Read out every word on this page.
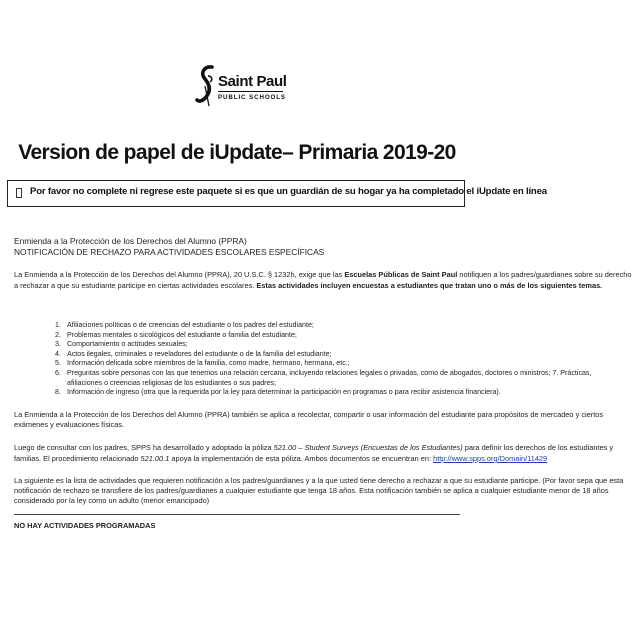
Saint Paul
PUBLIC SCHOOLS
Version de papel de iUpdate– Primaria 2019-20
Por favor no complete ni regrese este paquete si es que un guardián de su hogar ya ha completado el iUpdate en línea
Enmienda a la Protección de los Derechos del Alumno (PPRA)
NOTIFICACIÓN DE RECHAZO PARA ACTIVIDADES ESCOLARES ESPECÍFICAS
La Enmienda a la Protección de los Derechos del Alumno (PPRA), 20 U.S.C. § 1232h, exige que las Escuelas Públicas de Saint Paul notifiquen a los padres/guardianes sobre su derecho
a rechazar a que su estudiante participe en ciertas actividades escolares. Estas actividades incluyen encuestas a estudiantes que tratan uno o más de los siguientes temas.
1. Afiliaciones políticas o de creencias del estudiante o los padres del estudiante;
2. Problemas mentales o sicológicos del estudiante o familia del estudiante;
3. Comportamiento o actitudes sexuales;
4. Actos ilegales, criminales o reveladores del estudiante o de la familia del estudiante;
5. Información delicada sobre miembros de la familia, como madre, hermano, hermana, etc.;
6. Preguntas sobre personas con las que tenemos una relación cercana, incluyendo relaciones legales o privadas, como de abogados, doctores o ministros; 7. Prácticas,
afiliaciones o creencias religiosas de los estudiantes o sus padres;
8. Información de ingreso (otra que la requerida por la ley para determinar la participación en programas o para recibir asistencia financiera).
La Enmienda a la Protección de los Derechos del Alumno (PPRA) también se aplica a recolectar, compartir o usar información del estudiante para propósitos de mercadeo y ciertos
exámenes y evaluaciones físicas.
Luego de consultar con los padres, SPPS ha desarrollado y adoptado la póliza 521.00 – Student Surveys (Encuestas de los Estudiantes) para definir los derechos de los estudiantes y
familias. El procedimiento relacionado 521.00.1 apoya la implementación de esta póliza. Ambos documentos se encuentran en: http://www.spps.org/Domain/11429
La siguiente es la lista de actividades que requieren notificación a los padres/guardianes y a la que usted tiene derecho a rechazar a que su estudiante participe. (Por favor sepa que esta
notificación de rechazo se transfiere de los padres/guardianes a cualquier estudiante que tenga 18 años. Esta notificación también se aplica a cualquier estudiante menor de 18 años
considerado por la ley como un adulto (menor emancipado)
NO HAY ACTIVIDADES PROGRAMADAS
